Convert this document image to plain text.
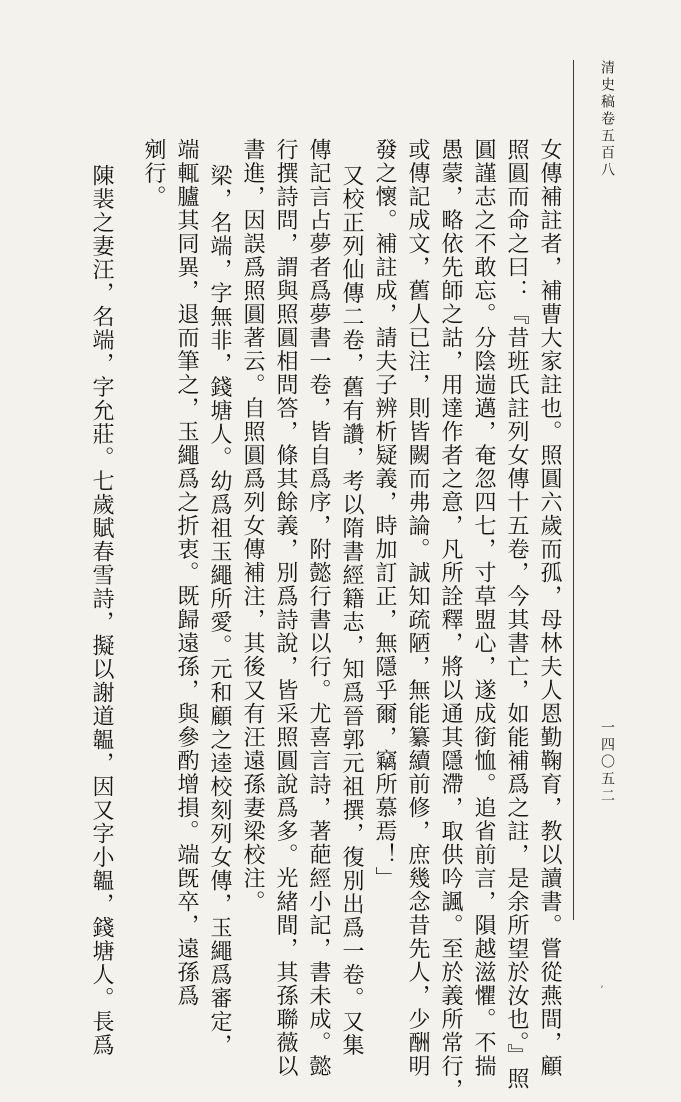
清史稿卷五百八
一四〇五二
女傳補註者，補曹大家註也。照圓六歲而孤，母林夫人恩勤鞠育，教以讀書。嘗從燕間，顧
照圓而命之曰：『昔班氏註列女傳十五卷，今其書亡，如能補爲之註，是余所望於汝也。』照
圓謹志之不敢忘。分陰遄邁，奄忽四七，寸草盟心，遂成銜恤。追省前言，隕越滋懼。不揣
愚蒙，略依先師之詁，用達作者之意，凡所詮釋，將以通其隱滯，取供吟諷。至於義所常行，
或傳記成文，舊人已注，則皆闕而弗論。誠知疏陋，無能纂續前修，庶幾念昔先人，少酬明
發之懷。補註成，請夫子辨析疑義，時加訂正，無隱乎爾，竊所慕焉！」
又校正列仙傳二卷，舊有讚，考以隋書經籍志，知爲晉郭元祖撰，復別出爲一卷。又集
傳記言占夢者爲夢書一卷，皆自爲序，附懿行書以行。尤喜言詩，著葩經小記，書未成。懿
行撰詩問，謂與照圓相問答，條其餘義，別爲詩說，皆采照圓說爲多。光緒間，其孫聯薇以
書進，因誤爲照圓著云。自照圓爲列女傳補注，其後又有汪遠孫妻梁校注。
梁，名端，字無非，錢塘人。幼爲祖玉繩所愛。元和顧之逵校刻列女傳，玉繩爲審定，
端輒臚其同異，退而筆之，玉繩爲之折衷。既歸遠孫，與參酌增損。端旣卒，遠孫爲
剜行。
陳裴之妻汪，名端，字允莊。七歲賦春雪詩，擬以謝道韞，因又字小韞，錢塘人。長爲	ʼ
